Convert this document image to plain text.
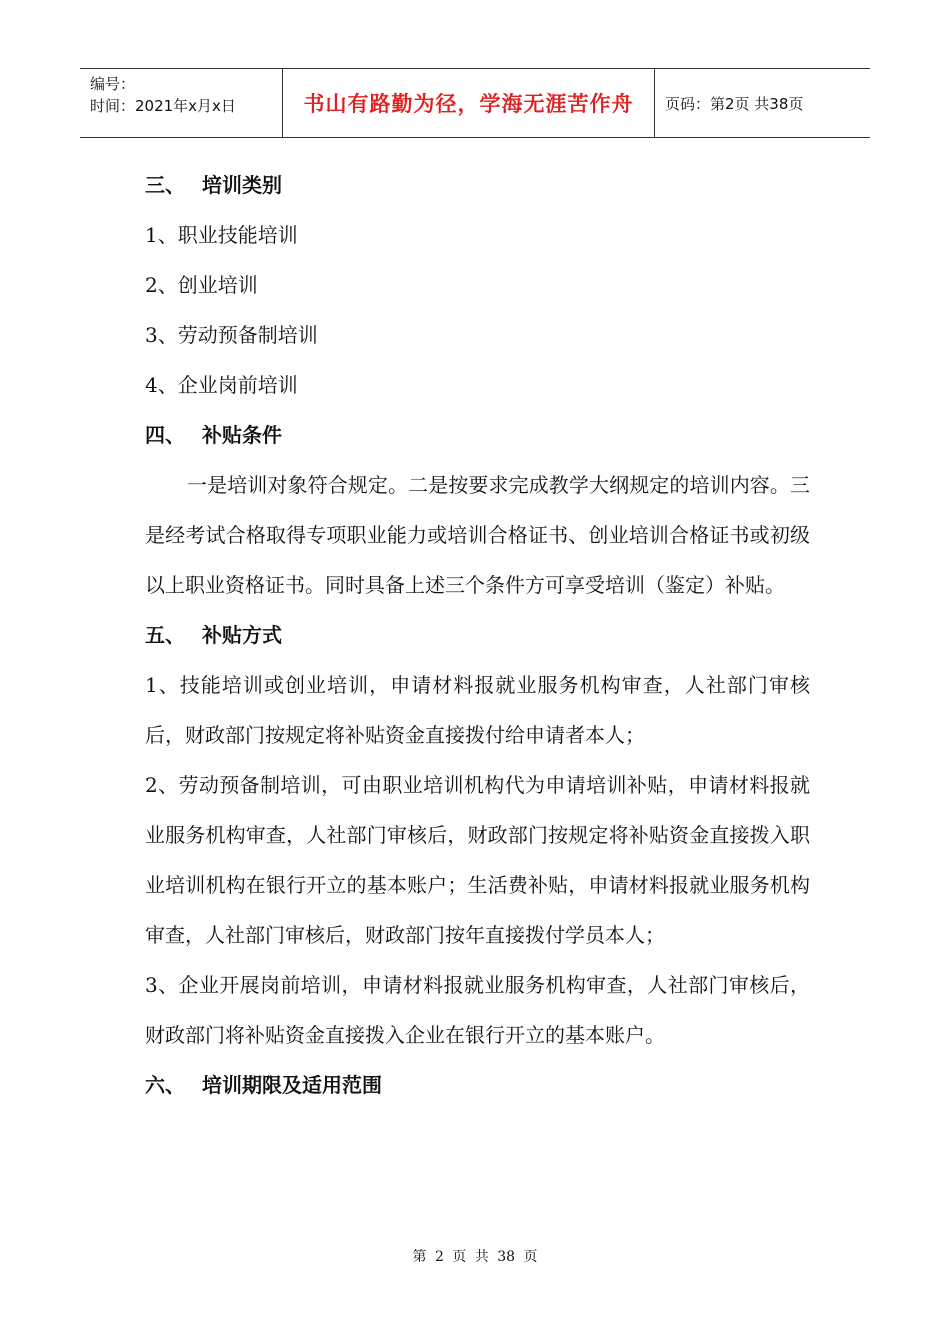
编号：
时间：2021年x月x日	书山有路勤为径，学海无涯苦作舟	页码：第2页 共38页
三、 培训类别
1、职业技能培训
2、创业培训
3、劳动预备制培训
4、企业岗前培训
四、 补贴条件
一是培训对象符合规定。二是按要求完成教学大纲规定的培训内容。三是经考试合格取得专项职业能力或培训合格证书、创业培训合格证书或初级以上职业资格证书。同时具备上述三个条件方可享受培训（鉴定）补贴。
五、 补贴方式
1、技能培训或创业培训，申请材料报就业服务机构审查，人社部门审核后，财政部门按规定将补贴资金直接拨付给申请者本人；
2、劳动预备制培训，可由职业培训机构代为申请培训补贴，申请材料报就业服务机构审查，人社部门审核后，财政部门按规定将补贴资金直接拨入职业培训机构在银行开立的基本账户；生活费补贴，申请材料报就业服务机构审查，人社部门审核后，财政部门按年直接拨付学员本人；
3、企业开展岗前培训，申请材料报就业服务机构审查，人社部门审核后，财政部门将补贴资金直接拨入企业在银行开立的基本账户。
六、 培训期限及适用范围
第 2 页 共 38 页
